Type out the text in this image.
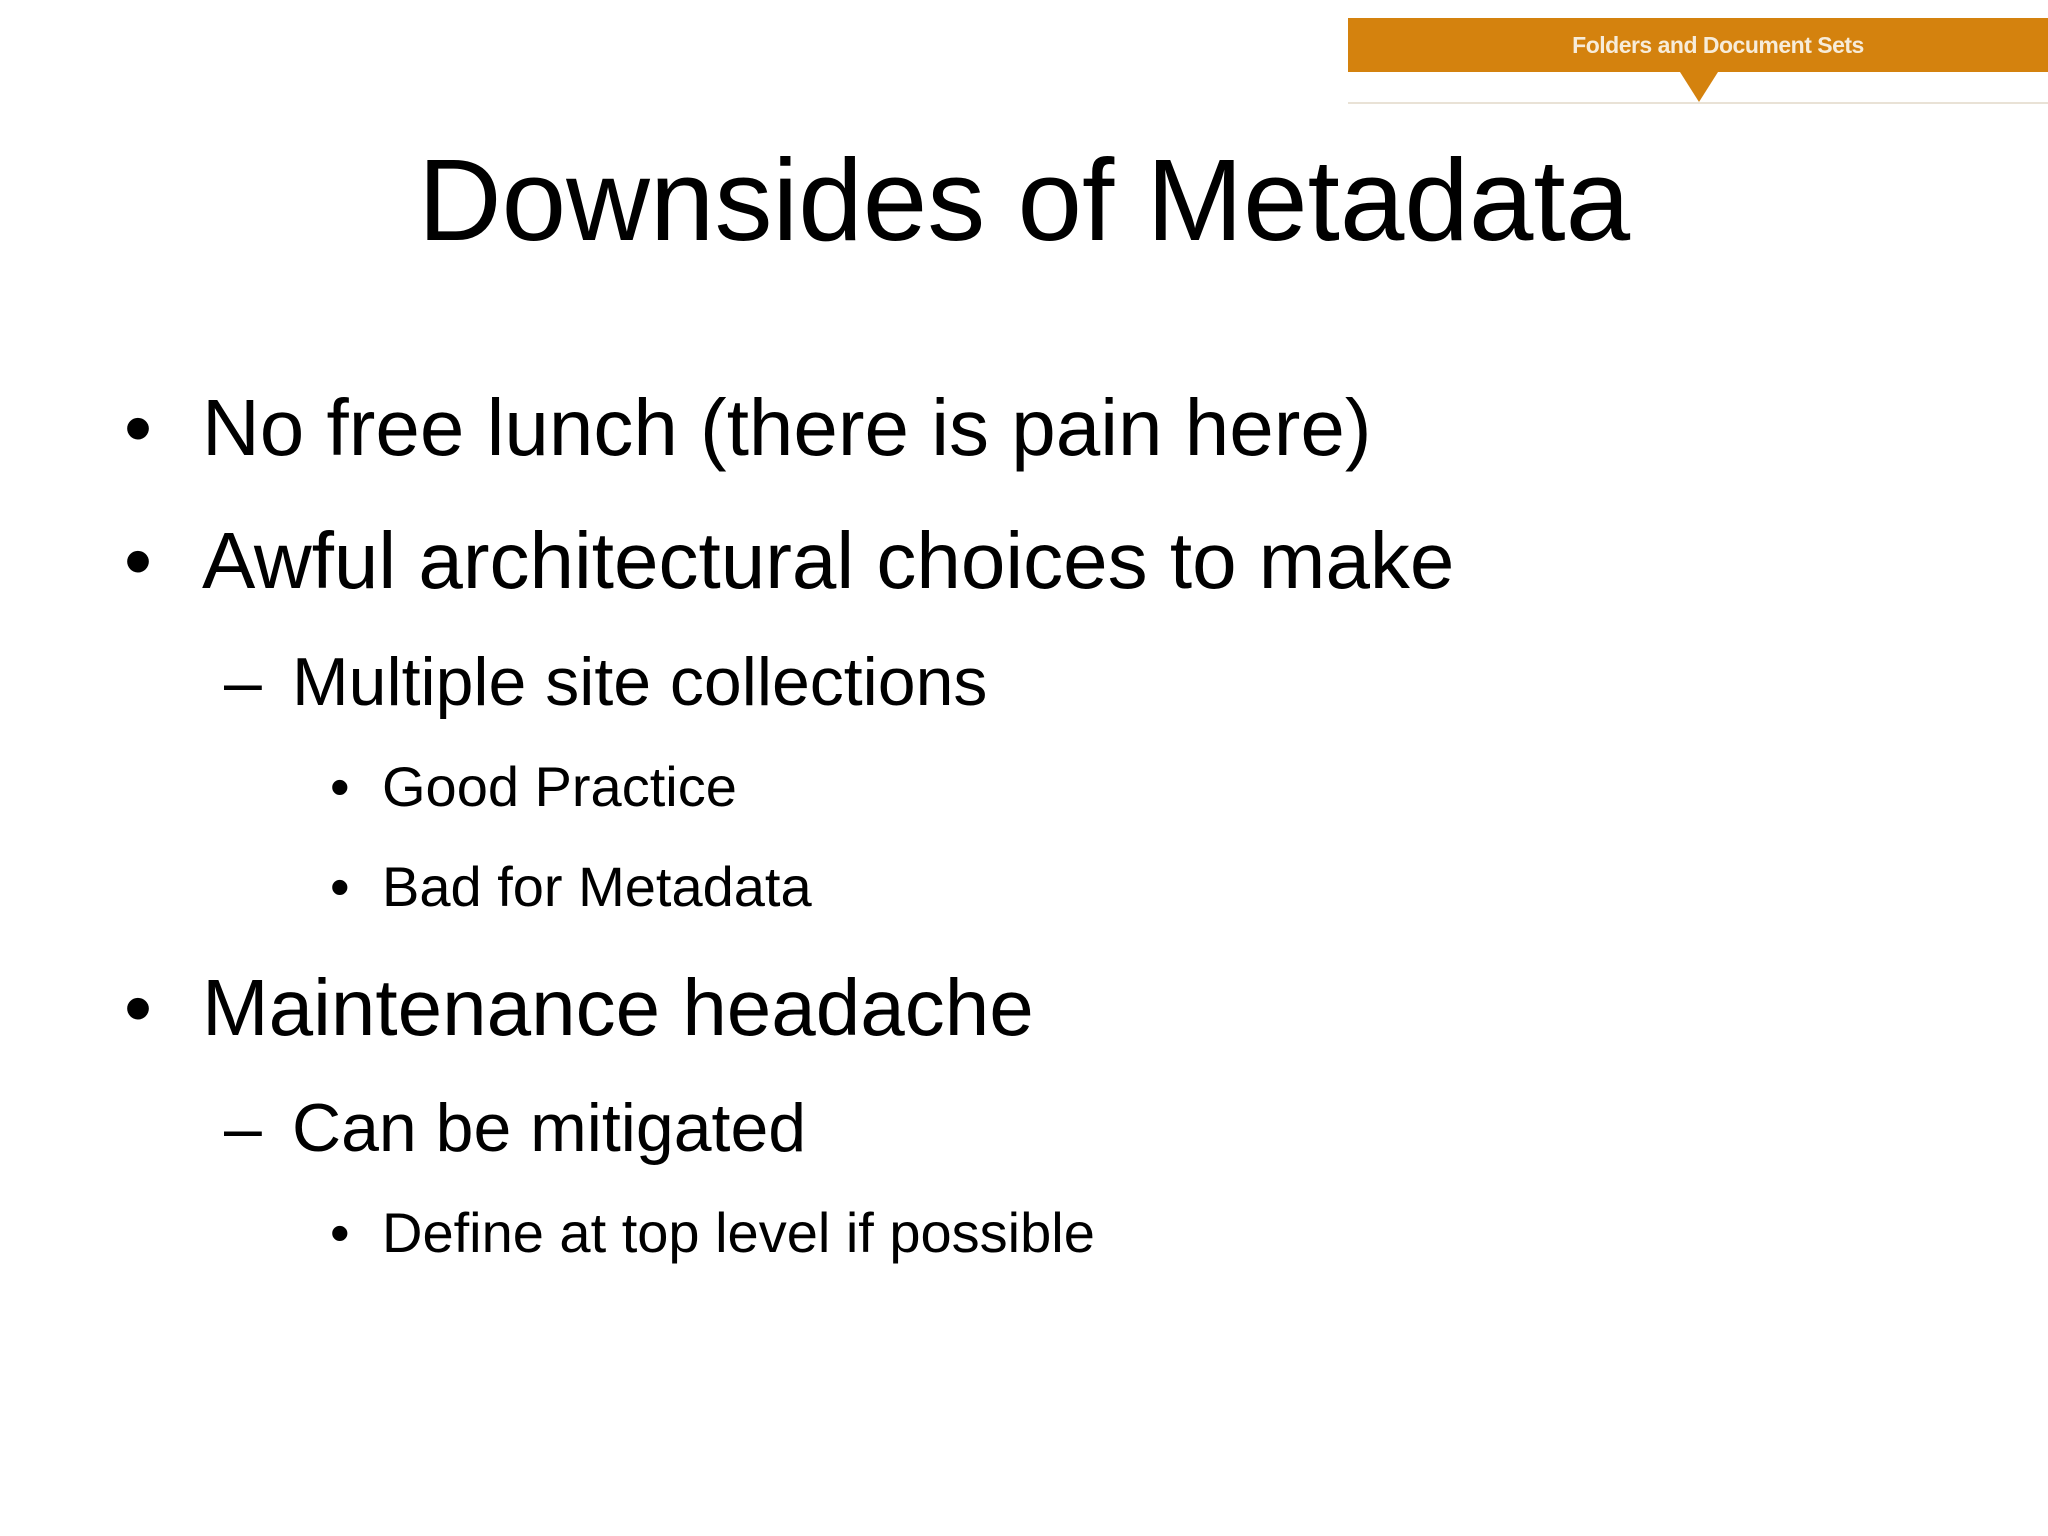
Folders and Document Sets
Downsides of Metadata
• No free lunch (there is pain here)
• Awful architectural choices to make
– Multiple site collections
• Good Practice
• Bad for Metadata
• Maintenance headache
– Can be mitigated
• Define at top level if possible
